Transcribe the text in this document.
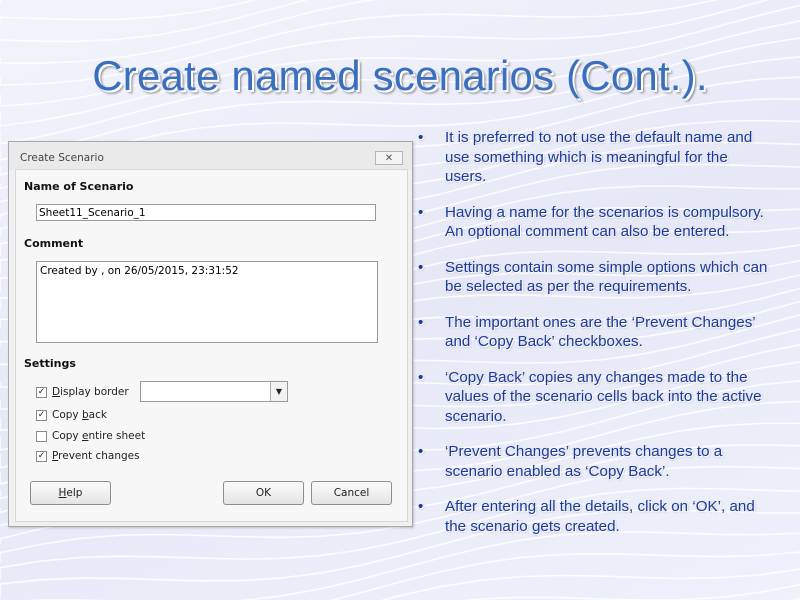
Create named scenarios (Cont.).
Create Scenario	✕
Name of Scenario
Sheet11_Scenario_1
Comment
Created by , on 26/05/2015, 23:31:52
Settings
✓ Display border	▼
✓ Copy back
Copy entire sheet
✓ Prevent changes
Help	OK	Cancel
• It is preferred to not use the default name and use something which is meaningful for the users.
• Having a name for the scenarios is compulsory. An optional comment can also be entered.
• Settings contain some simple options which can be selected as per the requirements.
• The important ones are the ‘Prevent Changes’ and ‘Copy Back’ checkboxes.
• ‘Copy Back’ copies any changes made to the values of the scenario cells back into the active scenario.
• ‘Prevent Changes’ prevents changes to a scenario enabled as ‘Copy Back’.
• After entering all the details, click on ‘OK’, and the scenario gets created.
